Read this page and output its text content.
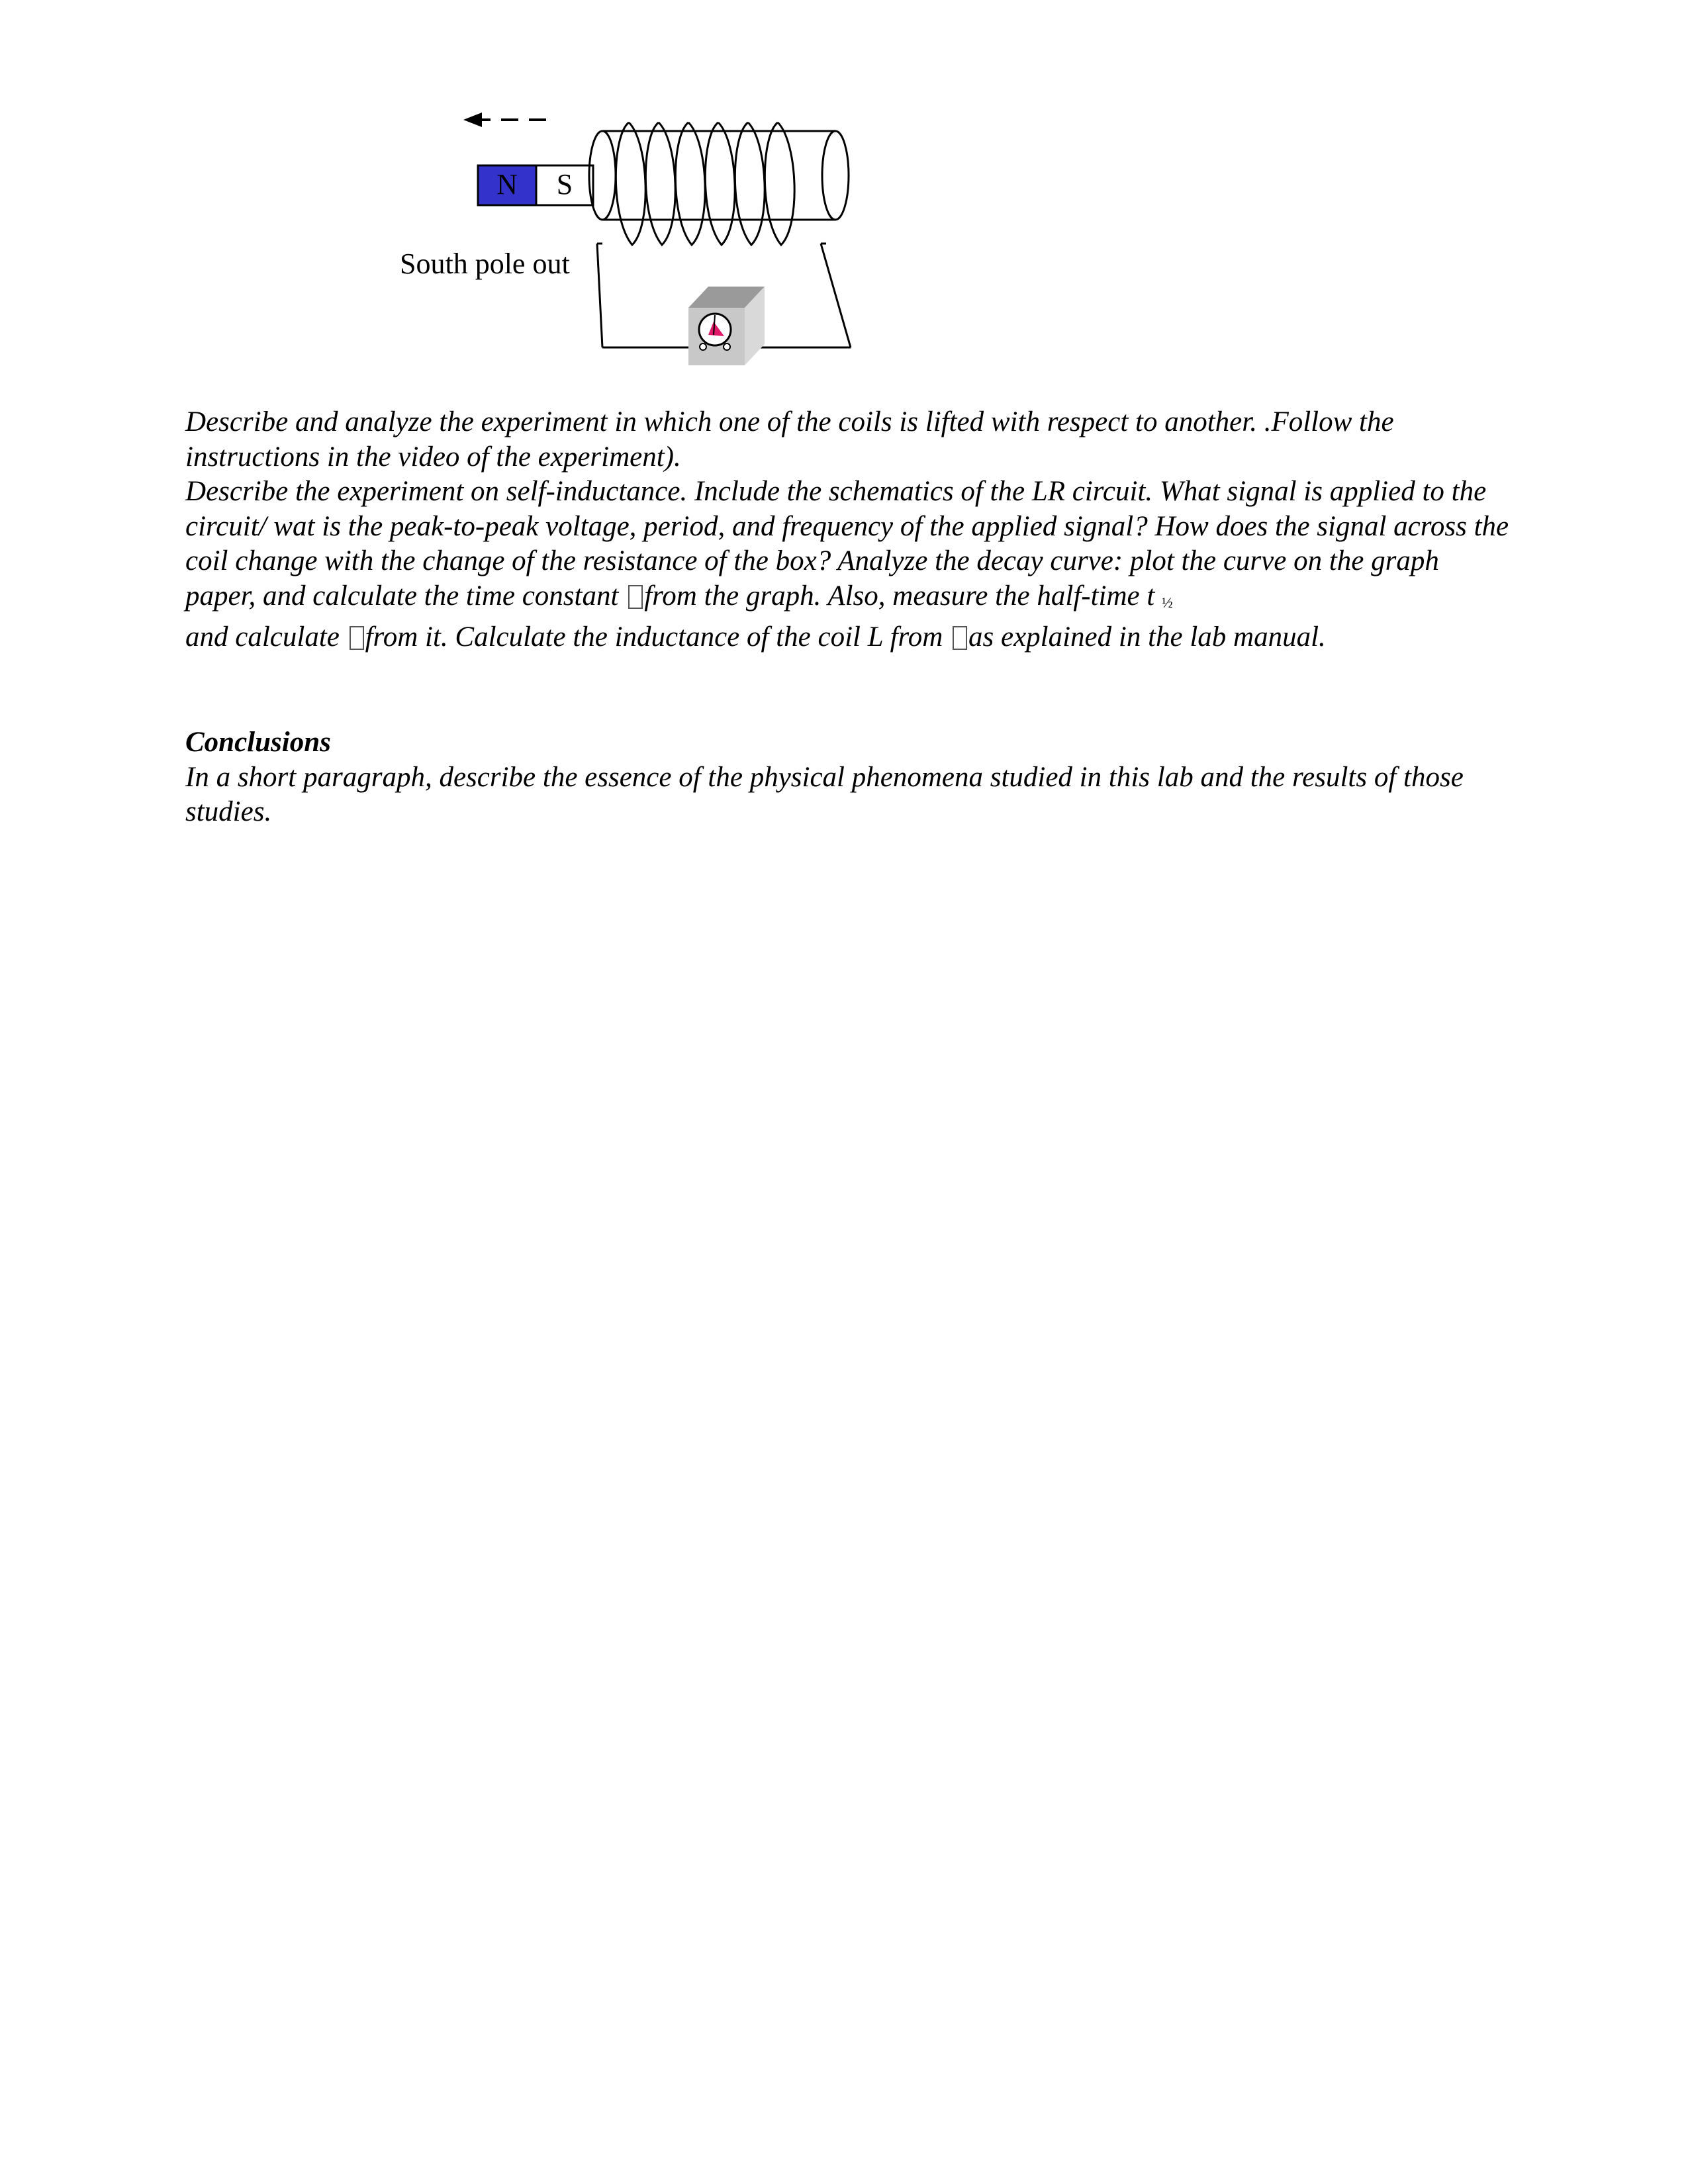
N S
South pole out

Describe and analyze the experiment in which one of the coils is lifted with respect to another. .Follow the instructions in the video of the experiment).

Describe the experiment on self-inductance. Include the schematics of the LR circuit. What signal is applied to the circuit/ wat is the peak-to-peak voltage, period, and frequency of the applied signal? How does the signal across the coil change with the change of the resistance of the box? Analyze the decay curve: plot the curve on the graph paper, and calculate the time constant from the graph. Also, measure the half-time t ½
and calculate from it. Calculate the inductance of the coil L from as explained in the lab manual.

Conclusions

In a short paragraph, describe the essence of the physical phenomena studied in this lab and the results of those studies.
